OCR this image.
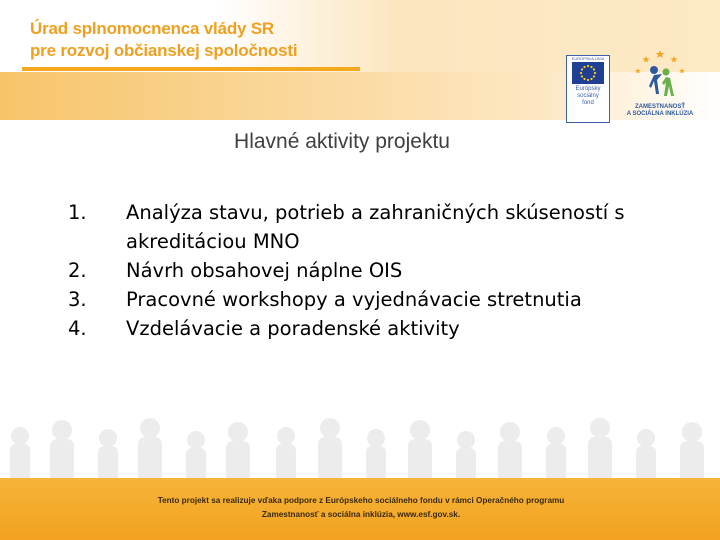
Úrad splnomocnenca vlády SR
pre rozvoj občianskej spoločnosti	EURÓPSKA ÚNIA
Európsky
sociálny
fond
ZAMESTNANOSŤ
A SOCIÁLNA INKLÚZIA
Hlavné aktivity projektu
1.	Analýza stavu, potrieb a zahraničných skúseností s akreditáciou MNO
2.	Návrh obsahovej náplne OIS
3.	Pracovné workshopy a vyjednávacie stretnutia
4.	Vzdelávacie a poradenské aktivity
Tento projekt sa realizuje vďaka podpore z Európskeho sociálneho fondu v rámci Operačného programu
Zamestnanosť a sociálna inklúzia, www.esf.gov.sk.
